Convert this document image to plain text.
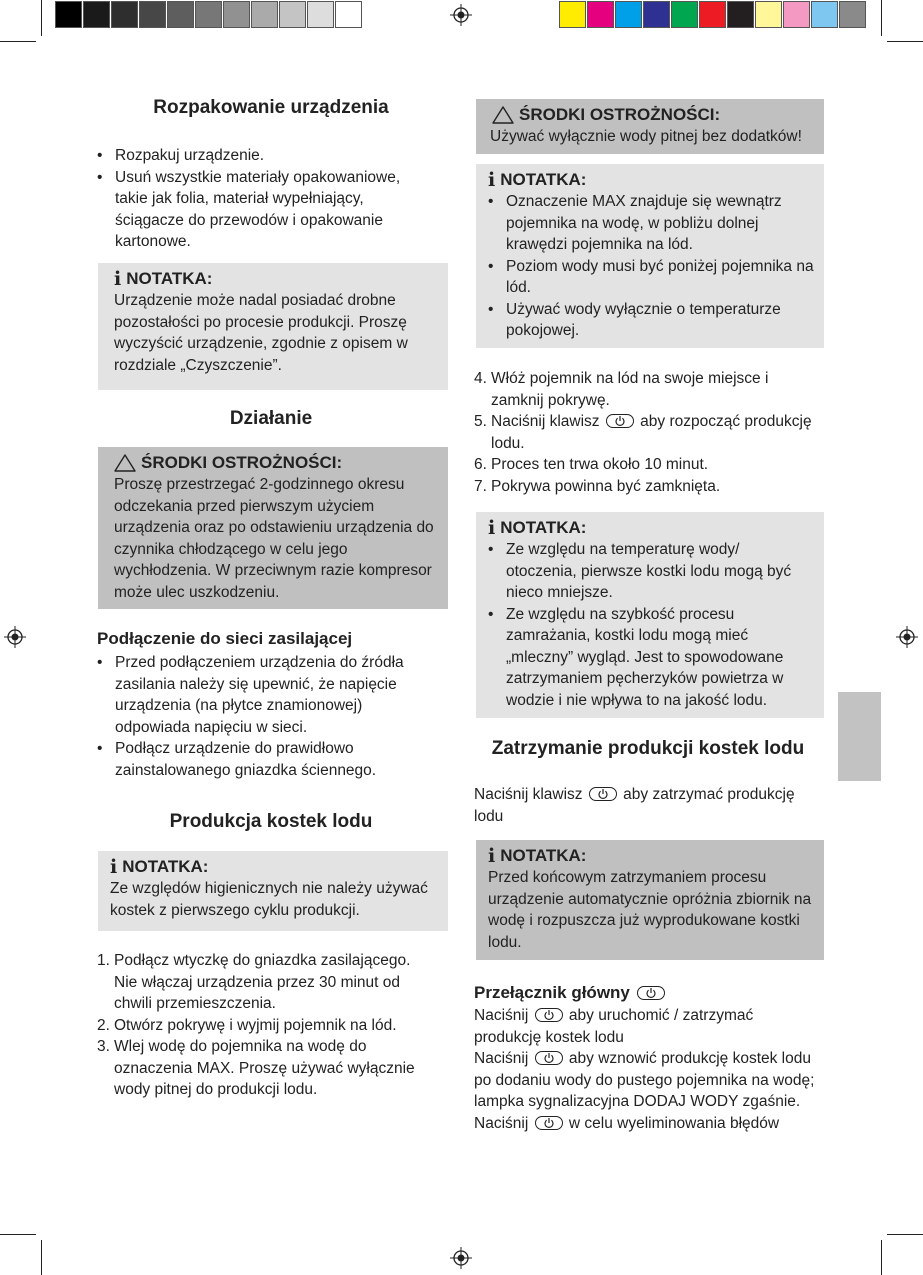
Rozpakowanie urządzenia
• Rozpakuj urządzenie.
• Usuń wszystkie materiały opakowaniowe, takie jak folia, materiał wypełniający, ściągacze do przewodów i opakowanie kartonowe.
i NOTATKA:

Urządzenie może nadal posiadać drobne pozostałości po procesie produkcji. Proszę wyczyścić urządzenie, zgodnie z opisem w rozdziale „Czyszczenie”.

Działanie
ŚRODKI OSTROŻNOŚCI:

Proszę przestrzegać 2-godzinnego okresu odczekania przed pierwszym użyciem urządzenia oraz po odstawieniu urządzenia do czynnika chłodzącego w celu jego wychłodzenia. W przeciwnym razie kompresor może ulec uszkodzeniu.

Podłączenie do sieci zasilającej
• Przed podłączeniem urządzenia do źródła zasilania należy się upewnić, że napięcie urządzenia (na płytce znamionowej) odpowiada napięciu w sieci.
• Podłącz urządzenie do prawidłowo zainstalowanego gniazdka ściennego.
Produkcja kostek lodu
i NOTATKA:

Ze względów higienicznych nie należy używać kostek z pierwszego cyklu produkcji.

1. Podłącz wtyczkę do gniazdka zasilającego. Nie włączaj urządzenia przez 30 minut od chwili przemieszczenia.
2. Otwórz pokrywę i wyjmij pojemnik na lód.
3. Wlej wodę do pojemnika na wodę do oznaczenia MAX. Proszę używać wyłącznie wody pitnej do produkcji lodu.
ŚRODKI OSTROŻNOŚCI:

Używać wyłącznie wody pitnej bez dodatków!

i NOTATKA:
• Oznaczenie MAX znajduje się wewnątrz pojemnika na wodę, w pobliżu dolnej krawędzi pojemnika na lód.
• Poziom wody musi być poniżej pojemnika na lód.
• Używać wody wyłącznie o temperaturze pokojowej.
4. Włóż pojemnik na lód na swoje miejsce i zamknij pokrywę.
5. Naciśnij klawisz	aby rozpocząć produkcję lodu.
6. Proces ten trwa około 10 minut.
7. Pokrywa powinna być zamknięta.
i NOTATKA:
• Ze względu na temperaturę wody/ otoczenia, pierwsze kostki lodu mogą być nieco mniejsze.
• Ze względu na szybkość procesu zamrażania, kostki lodu mogą mieć „mleczny” wygląd. Jest to spowodowane zatrzymaniem pęcherzyków powietrza w wodzie i nie wpływa to na jakość lodu.
Zatrzymanie produkcji kostek lodu

Naciśnij klawisz	aby zatrzymać produkcję lodu

i NOTATKA:

Przed końcowym zatrzymaniem procesu urządzenie automatycznie opróżnia zbiornik na wodę i rozpuszcza już wyprodukowane kostki lodu.

Przełącznik główny

Naciśnij	aby uruchomić / zatrzymać produkcję kostek lodu

Naciśnij	aby wznowić produkcję kostek lodu po dodaniu wody do pustego pojemnika na wodę; lampka sygnalizacyjna DODAJ WODY zgaśnie.

Naciśnij	w celu wyeliminowania błędów
